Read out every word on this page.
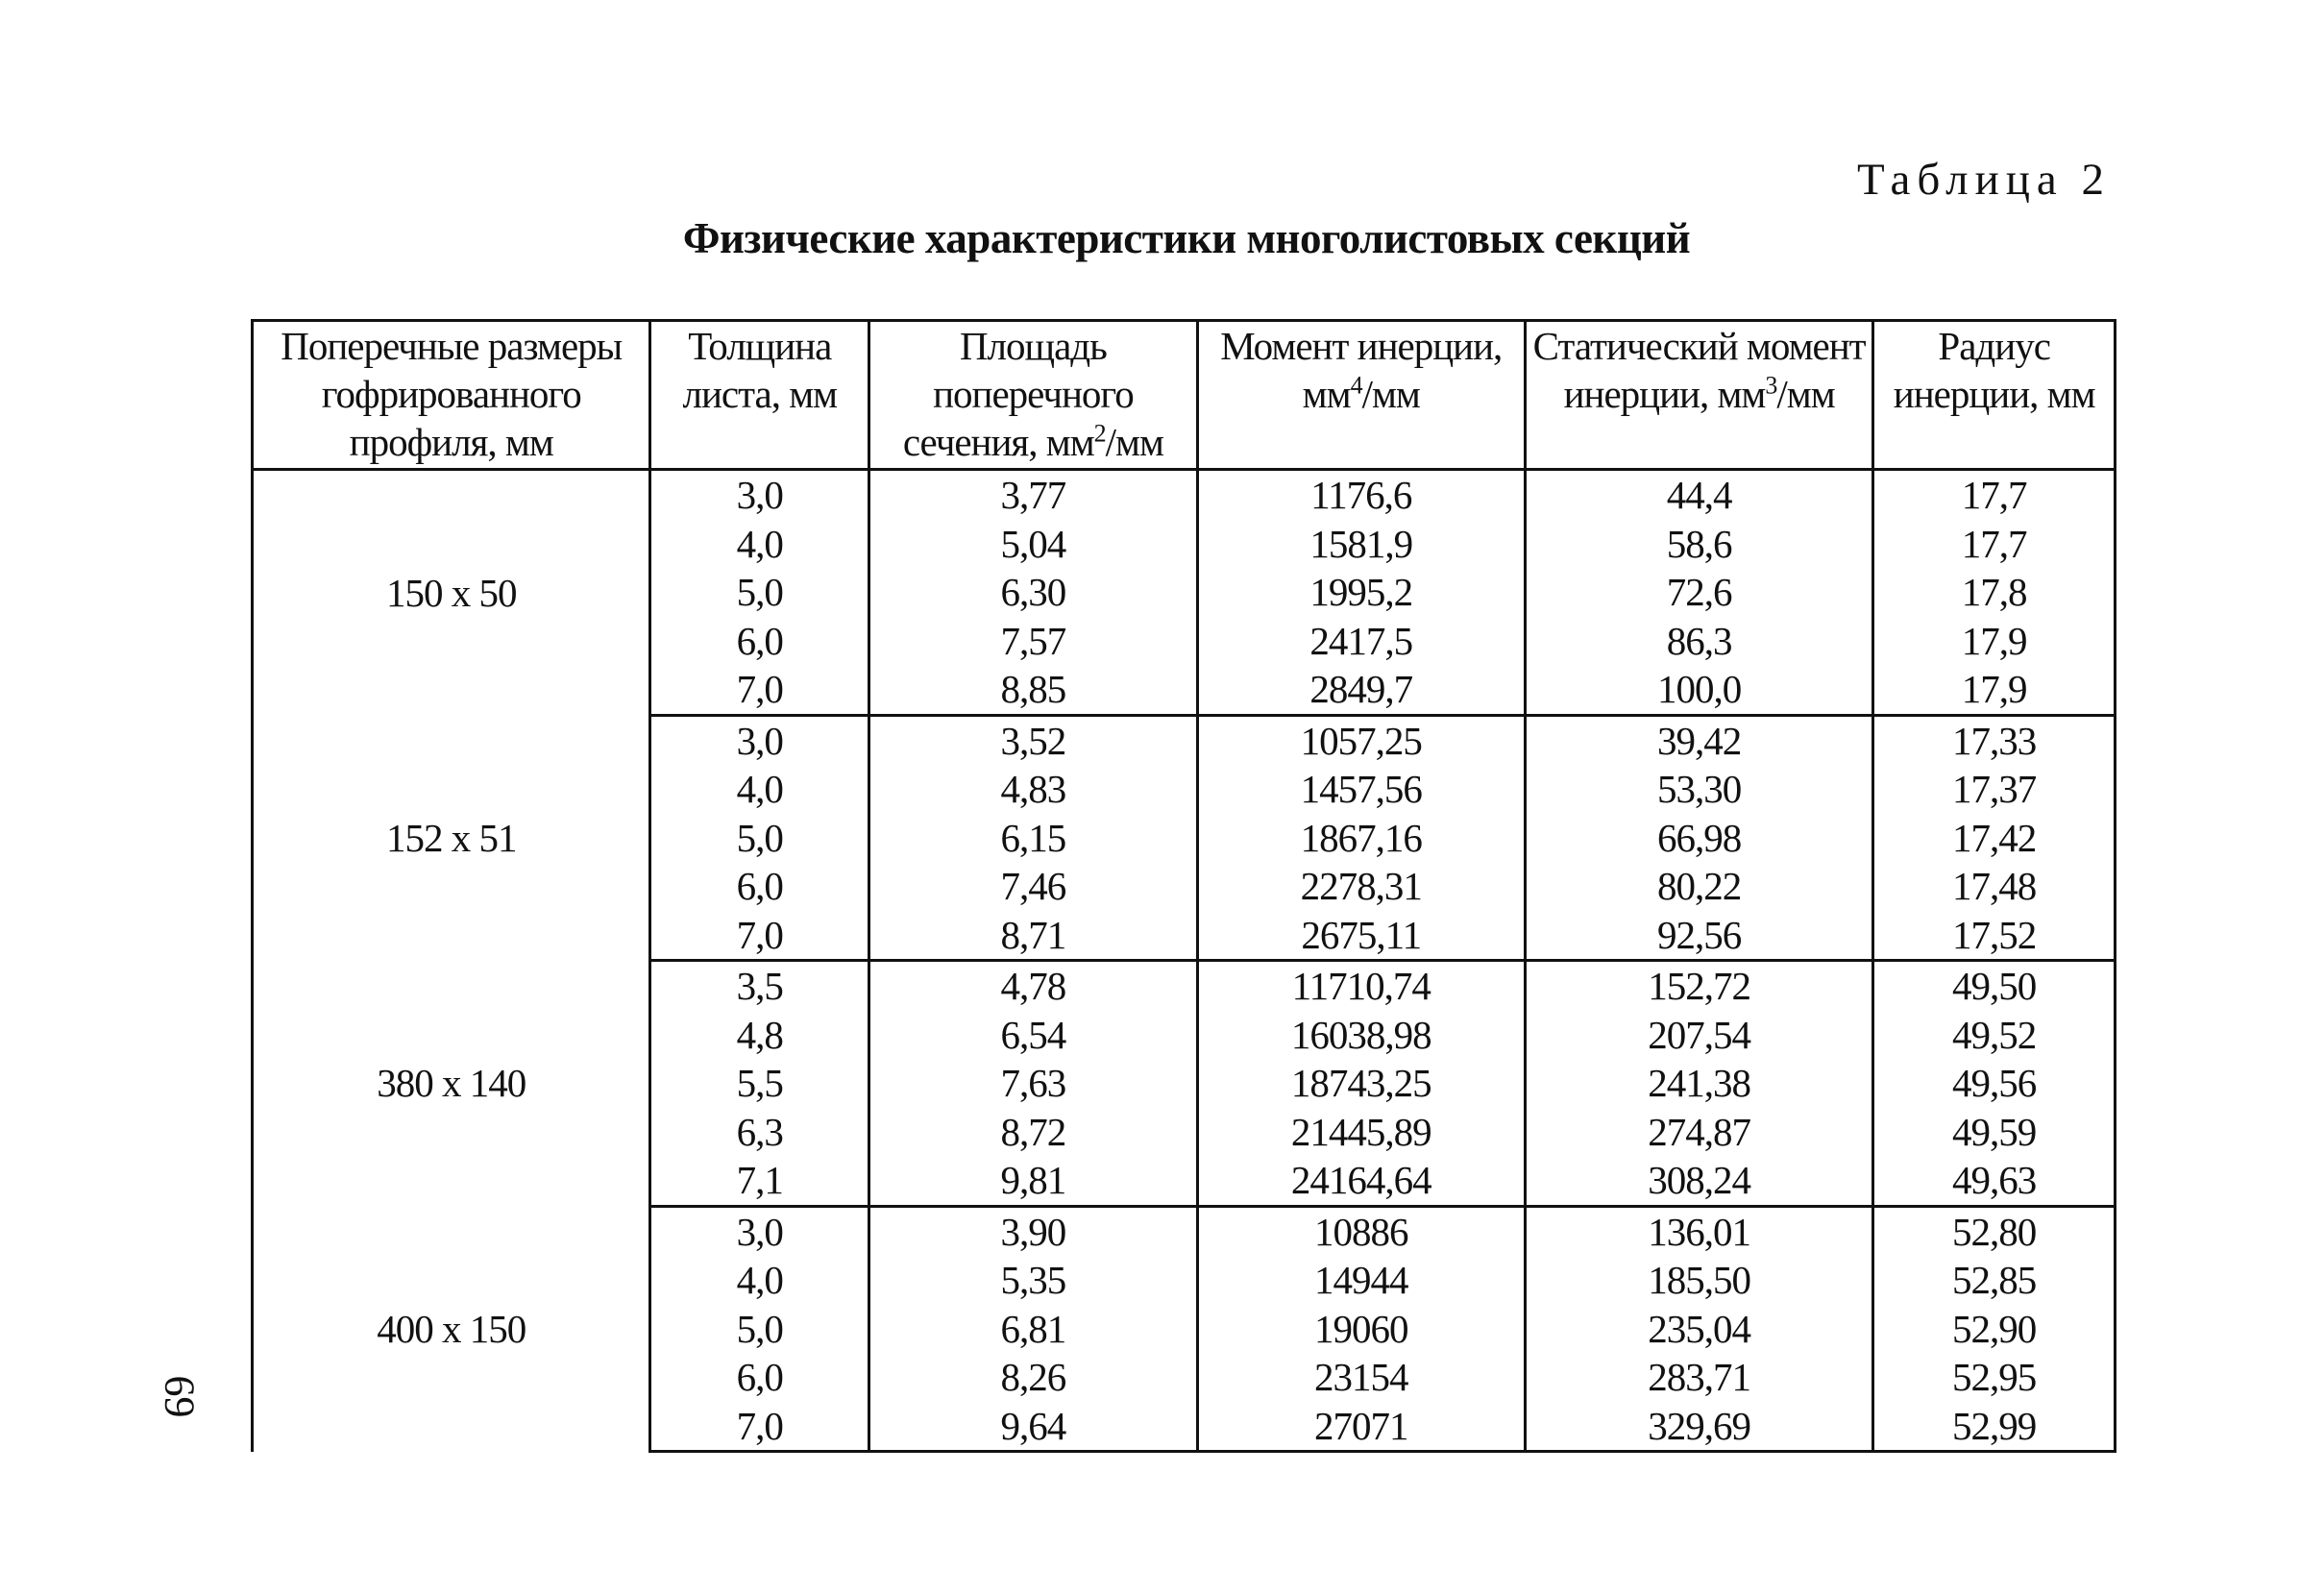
Таблица 2
Физические характеристики многолистовых секций
69
Поперечные размеры гофрированного профиля, мм	Толщина листа, мм	Площадь поперечного сечения, $мм^2/мм$	Момент инерции, $мм^4/мм$	Статический момент инерции, $мм^3/мм$	Радиус инерции, мм
150 x 50	3,0	3,77	1176,6	44,4	17,7
	4,0	5,04	1581,9	58,6	17,7
	5,0	6,30	1995,2	72,6	17,8
	6,0	7,57	2417,5	86,3	17,9
	7,0	8,85	2849,7	100,0	17,9
152 x 51	3,0	3,52	1057,25	39,42	17,33
	4,0	4,83	1457,56	53,30	17,37
	5,0	6,15	1867,16	66,98	17,42
	6,0	7,46	2278,31	80,22	17,48
	7,0	8,71	2675,11	92,56	17,52
380 x 140	3,5	4,78	11710,74	152,72	49,50
	4,8	6,54	16038,98	207,54	49,52
	5,5	7,63	18743,25	241,38	49,56
	6,3	8,72	21445,89	274,87	49,59
	7,1	9,81	24164,64	308,24	49,63
400 x 150	3,0	3,90	10886	136,01	52,80
	4,0	5,35	14944	185,50	52,85
	5,0	6,81	19060	235,04	52,90
	6,0	8,26	23154	283,71	52,95
	7,0	9,64	27071	329,69	52,99
